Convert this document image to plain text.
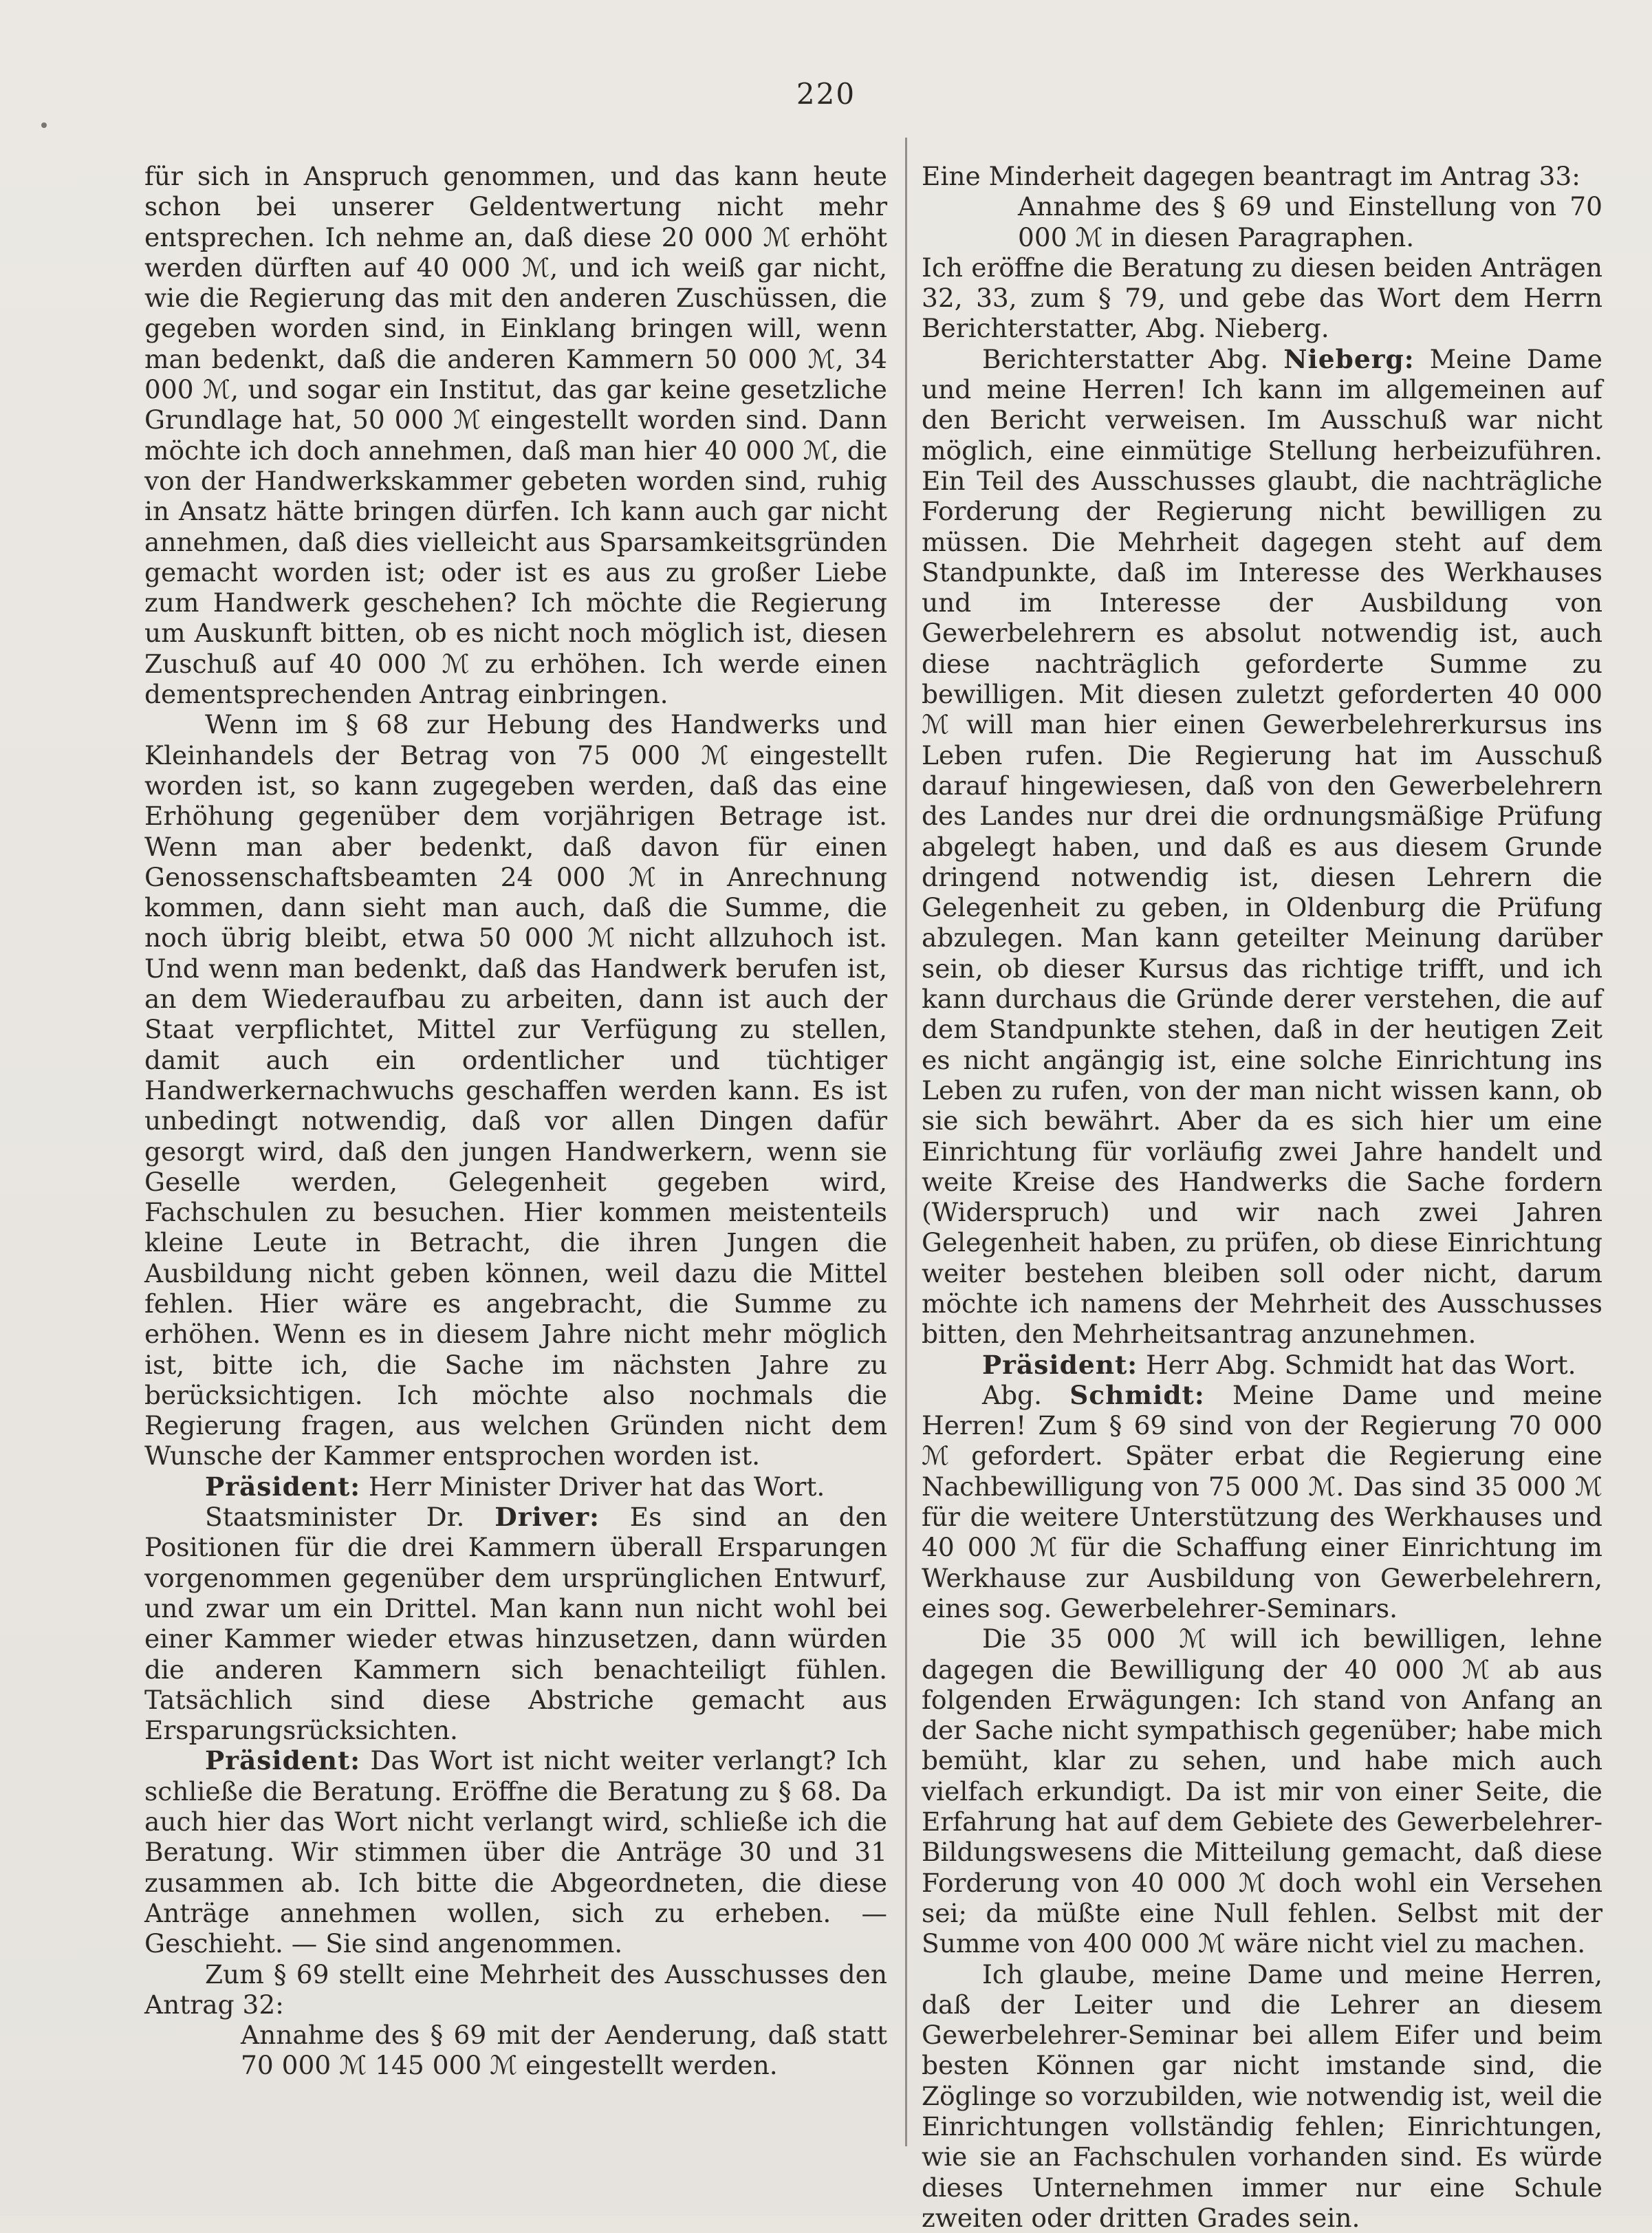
220

für sich in Anspruch genommen, und das kann heute schon bei unserer Geldentwertung nicht mehr entsprechen. Ich nehme an, daß diese 20 000 ℳ erhöht werden dürften auf 40 000 ℳ, und ich weiß gar nicht, wie die Regierung das mit den anderen Zuschüssen, die gegeben worden sind, in Einklang bringen will, wenn man bedenkt, daß die anderen Kammern 50 000 ℳ, 34 000 ℳ, und sogar ein Institut, das gar keine gesetzliche Grundlage hat, 50 000 ℳ eingestellt worden sind. Dann möchte ich doch annehmen, daß man hier 40 000 ℳ, die von der Handwerkskammer gebeten worden sind, ruhig in Ansatz hätte bringen dürfen. Ich kann auch gar nicht annehmen, daß dies vielleicht aus Sparsamkeitsgründen gemacht worden ist; oder ist es aus zu großer Liebe zum Handwerk geschehen? Ich möchte die Regierung um Auskunft bitten, ob es nicht noch möglich ist, diesen Zuschuß auf 40 000 ℳ zu erhöhen. Ich werde einen dementsprechenden Antrag einbringen.

Wenn im § 68 zur Hebung des Handwerks und Kleinhandels der Betrag von 75 000 ℳ eingestellt worden ist, so kann zugegeben werden, daß das eine Erhöhung gegenüber dem vorjährigen Betrage ist. Wenn man aber bedenkt, daß davon für einen Genossenschaftsbeamten 24 000 ℳ in Anrechnung kommen, dann sieht man auch, daß die Summe, die noch übrig bleibt, etwa 50 000 ℳ nicht allzuhoch ist. Und wenn man bedenkt, daß das Handwerk berufen ist, an dem Wiederaufbau zu arbeiten, dann ist auch der Staat verpflichtet, Mittel zur Verfügung zu stellen, damit auch ein ordentlicher und tüchtiger Handwerkernachwuchs geschaffen werden kann. Es ist unbedingt notwendig, daß vor allen Dingen dafür gesorgt wird, daß den jungen Handwerkern, wenn sie Geselle werden, Gelegenheit gegeben wird, Fachschulen zu besuchen. Hier kommen meistenteils kleine Leute in Betracht, die ihren Jungen die Ausbildung nicht geben können, weil dazu die Mittel fehlen. Hier wäre es angebracht, die Summe zu erhöhen. Wenn es in diesem Jahre nicht mehr möglich ist, bitte ich, die Sache im nächsten Jahre zu berücksichtigen. Ich möchte also nochmals die Regierung fragen, aus welchen Gründen nicht dem Wunsche der Kammer entsprochen worden ist.

Präsident: Herr Minister Driver hat das Wort.

Staatsminister Dr. Driver: Es sind an den Positionen für die drei Kammern überall Ersparungen vorgenommen gegenüber dem ursprünglichen Entwurf, und zwar um ein Drittel. Man kann nun nicht wohl bei einer Kammer wieder etwas hinzusetzen, dann würden die anderen Kammern sich benachteiligt fühlen. Tatsächlich sind diese Abstriche gemacht aus Ersparungsrücksichten.

Präsident: Das Wort ist nicht weiter verlangt? Ich schließe die Beratung. Eröffne die Beratung zu § 68. Da auch hier das Wort nicht verlangt wird, schließe ich die Beratung. Wir stimmen über die Anträge 30 und 31 zusammen ab. Ich bitte die Abgeordneten, die diese Anträge annehmen wollen, sich zu erheben. — Geschieht. — Sie sind angenommen.

Zum § 69 stellt eine Mehrheit des Ausschusses den Antrag 32:

Annahme des § 69 mit der Aenderung, daß statt 70 000 ℳ 145 000 ℳ eingestellt werden.

Eine Minderheit dagegen beantragt im Antrag 33:

Annahme des § 69 und Einstellung von 70 000 ℳ in diesen Paragraphen.

Ich eröffne die Beratung zu diesen beiden Anträgen 32, 33, zum § 79, und gebe das Wort dem Herrn Berichterstatter, Abg. Nieberg.

Berichterstatter Abg. Nieberg: Meine Dame und meine Herren! Ich kann im allgemeinen auf den Bericht verweisen. Im Ausschuß war nicht möglich, eine einmütige Stellung herbeizuführen. Ein Teil des Ausschusses glaubt, die nachträgliche Forderung der Regierung nicht bewilligen zu müssen. Die Mehrheit dagegen steht auf dem Standpunkte, daß im Interesse des Werkhauses und im Interesse der Ausbildung von Gewerbelehrern es absolut notwendig ist, auch diese nachträglich geforderte Summe zu bewilligen. Mit diesen zuletzt geforderten 40 000 ℳ will man hier einen Gewerbelehrerkursus ins Leben rufen. Die Regierung hat im Ausschuß darauf hingewiesen, daß von den Gewerbelehrern des Landes nur drei die ordnungsmäßige Prüfung abgelegt haben, und daß es aus diesem Grunde dringend notwendig ist, diesen Lehrern die Gelegenheit zu geben, in Oldenburg die Prüfung abzulegen. Man kann geteilter Meinung darüber sein, ob dieser Kursus das richtige trifft, und ich kann durchaus die Gründe derer verstehen, die auf dem Standpunkte stehen, daß in der heutigen Zeit es nicht angängig ist, eine solche Einrichtung ins Leben zu rufen, von der man nicht wissen kann, ob sie sich bewährt. Aber da es sich hier um eine Einrichtung für vorläufig zwei Jahre handelt und weite Kreise des Handwerks die Sache fordern (Widerspruch) und wir nach zwei Jahren Gelegenheit haben, zu prüfen, ob diese Einrichtung weiter bestehen bleiben soll oder nicht, darum möchte ich namens der Mehrheit des Ausschusses bitten, den Mehrheitsantrag anzunehmen.

Präsident: Herr Abg. Schmidt hat das Wort.

Abg. Schmidt: Meine Dame und meine Herren! Zum § 69 sind von der Regierung 70 000 ℳ gefordert. Später erbat die Regierung eine Nachbewilligung von 75 000 ℳ. Das sind 35 000 ℳ für die weitere Unterstützung des Werkhauses und 40 000 ℳ für die Schaffung einer Einrichtung im Werkhause zur Ausbildung von Gewerbelehrern, eines sog. Gewerbelehrer-Seminars.

Die 35 000 ℳ will ich bewilligen, lehne dagegen die Bewilligung der 40 000 ℳ ab aus folgenden Erwägungen: Ich stand von Anfang an der Sache nicht sympathisch gegenüber; habe mich bemüht, klar zu sehen, und habe mich auch vielfach erkundigt. Da ist mir von einer Seite, die Erfahrung hat auf dem Gebiete des Gewerbelehrer-Bildungswesens die Mitteilung gemacht, daß diese Forderung von 40 000 ℳ doch wohl ein Versehen sei; da müßte eine Null fehlen. Selbst mit der Summe von 400 000 ℳ wäre nicht viel zu machen.

Ich glaube, meine Dame und meine Herren, daß der Leiter und die Lehrer an diesem Gewerbelehrer-Seminar bei allem Eifer und beim besten Können gar nicht imstande sind, die Zöglinge so vorzubilden, wie notwendig ist, weil die Einrichtungen vollständig fehlen; Einrichtungen, wie sie an Fachschulen vorhanden sind. Es würde dieses Unternehmen immer nur eine Schule zweiten oder dritten Grades sein.
